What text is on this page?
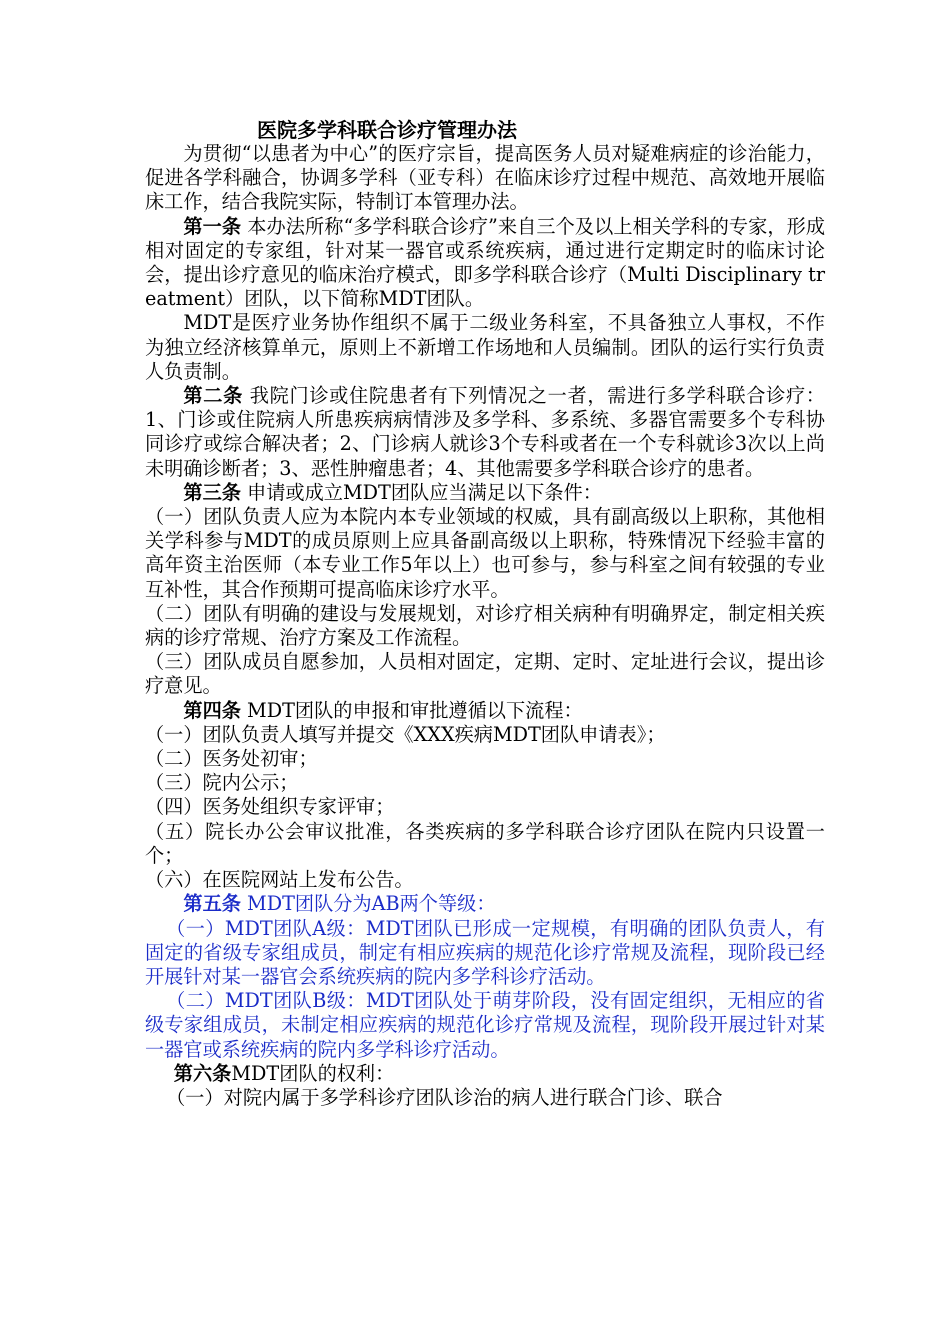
医院多学科联合诊疗管理办法

为贯彻“以患者为中心”的医疗宗旨，提高医务人员对疑难病症的诊治能力，促进各学科融合，协调多学科（亚专科）在临床诊疗过程中规范、高效地开展临床工作，结合我院实际，特制订本管理办法。

第一条 本办法所称“多学科联合诊疗”来自三个及以上相关学科的专家，形成相对固定的专家组，针对某一器官或系统疾病，通过进行定期定时的临床讨论会，提出诊疗意见的临床治疗模式，即多学科联合诊疗（Multi Disciplinary treatment）团队，以下简称MDT团队。

MDT是医疗业务协作组织不属于二级业务科室，不具备独立人事权，不作为独立经济核算单元，原则上不新增工作场地和人员编制。团队的运行实行负责人负责制。

第二条 我院门诊或住院患者有下列情况之一者，需进行多学科联合诊疗：1、门诊或住院病人所患疾病病情涉及多学科、多系统、多器官需要多个专科协同诊疗或综合解决者；2、门诊病人就诊3个专科或者在一个专科就诊3次以上尚未明确诊断者；3、恶性肿瘤患者；4、其他需要多学科联合诊疗的患者。

第三条 申请或成立MDT团队应当满足以下条件：

（一）团队负责人应为本院内本专业领域的权威，具有副高级以上职称，其他相关学科参与MDT的成员原则上应具备副高级以上职称，特殊情况下经验丰富的高年资主治医师（本专业工作5年以上）也可参与，参与科室之间有较强的专业互补性，其合作预期可提高临床诊疗水平。

（二）团队有明确的建设与发展规划，对诊疗相关病种有明确界定，制定相关疾病的诊疗常规、治疗方案及工作流程。

（三）团队成员自愿参加，人员相对固定，定期、定时、定址进行会议，提出诊疗意见。

第四条 MDT团队的申报和审批遵循以下流程：

（一）团队负责人填写并提交《XXX疾病MDT团队申请表》；

（二）医务处初审；

（三）院内公示；

（四）医务处组织专家评审；

（五）院长办公会审议批准，各类疾病的多学科联合诊疗团队在院内只设置一个；

（六）在医院网站上发布公告。

第五条 MDT团队分为AB两个等级：

（一）MDT团队A级：MDT团队已形成一定规模，有明确的团队负责人，有固定的省级专家组成员，制定有相应疾病的规范化诊疗常规及流程，现阶段已经开展针对某一器官会系统疾病的院内多学科诊疗活动。

（二）MDT团队B级：MDT团队处于萌芽阶段，没有固定组织，无相应的省级专家组成员，未制定相应疾病的规范化诊疗常规及流程，现阶段开展过针对某一器官或系统疾病的院内多学科诊疗活动。

第六条MDT团队的权利：

（一）对院内属于多学科诊疗团队诊治的病人进行联合门诊、联合
